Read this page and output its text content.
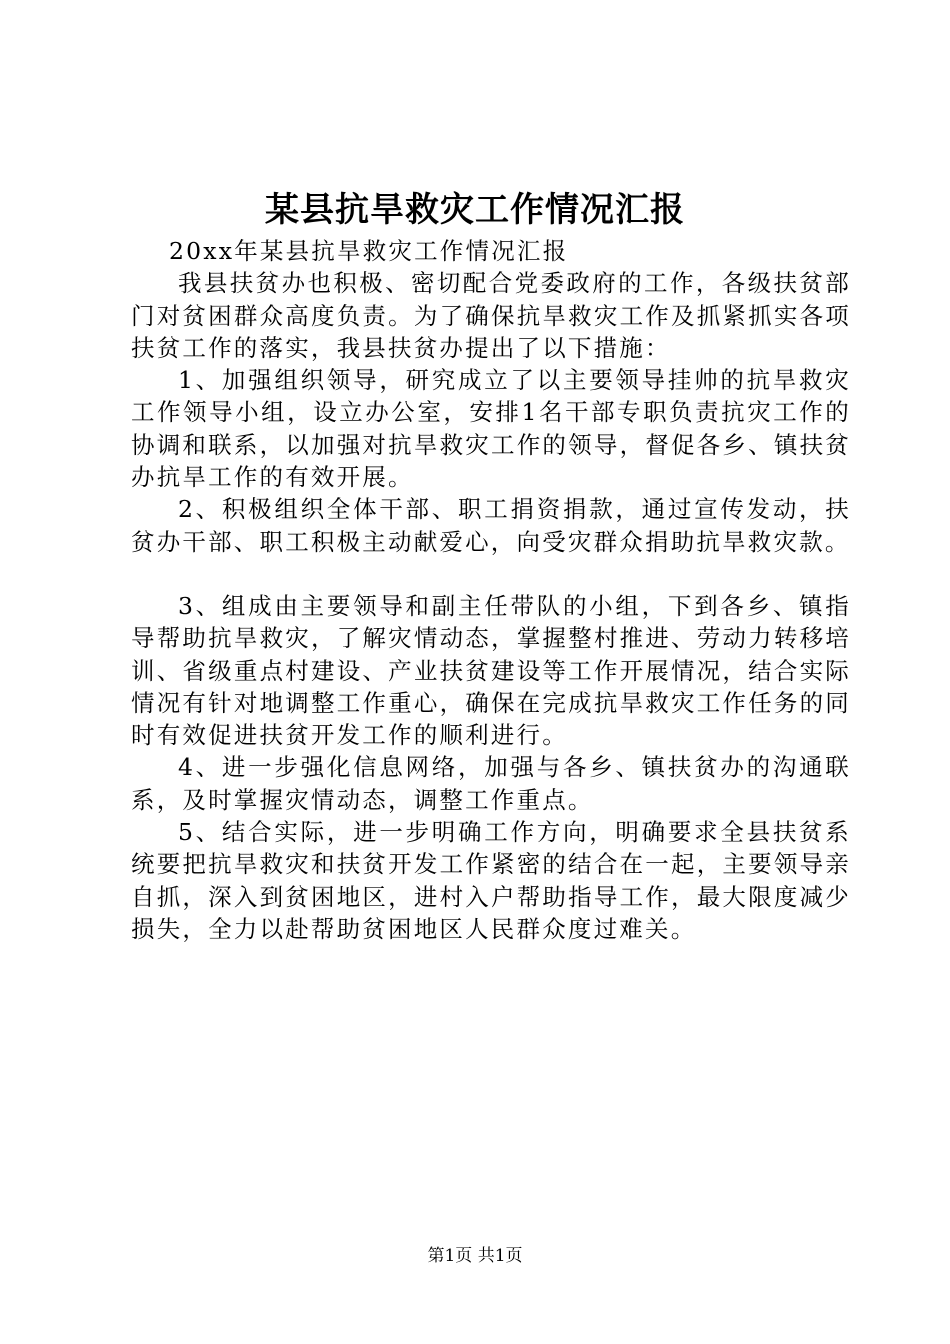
某县抗旱救灾工作情况汇报

20xx年某县抗旱救灾工作情况汇报

我县扶贫办也积极、密切配合党委政府的工作，各级扶贫部门对贫困群众高度负责。为了确保抗旱救灾工作及抓紧抓实各项扶贫工作的落实，我县扶贫办提出了以下措施：

1、加强组织领导，研究成立了以主要领导挂帅的抗旱救灾工作领导小组，设立办公室，安排1名干部专职负责抗灾工作的协调和联系，以加强对抗旱救灾工作的领导，督促各乡、镇扶贫办抗旱工作的有效开展。

2、积极组织全体干部、职工捐资捐款，通过宣传发动，扶贫办干部、职工积极主动献爱心，向受灾群众捐助抗旱救灾款。

3、组成由主要领导和副主任带队的小组，下到各乡、镇指导帮助抗旱救灾，了解灾情动态，掌握整村推进、劳动力转移培训、省级重点村建设、产业扶贫建设等工作开展情况，结合实际情况有针对地调整工作重心，确保在完成抗旱救灾工作任务的同时有效促进扶贫开发工作的顺利进行。

4、进一步强化信息网络，加强与各乡、镇扶贫办的沟通联系，及时掌握灾情动态，调整工作重点。

5、结合实际，进一步明确工作方向，明确要求全县扶贫系统要把抗旱救灾和扶贫开发工作紧密的结合在一起，主要领导亲自抓，深入到贫困地区，进村入户帮助指导工作，最大限度减少损失，全力以赴帮助贫困地区人民群众度过难关。

第1页 共1页
